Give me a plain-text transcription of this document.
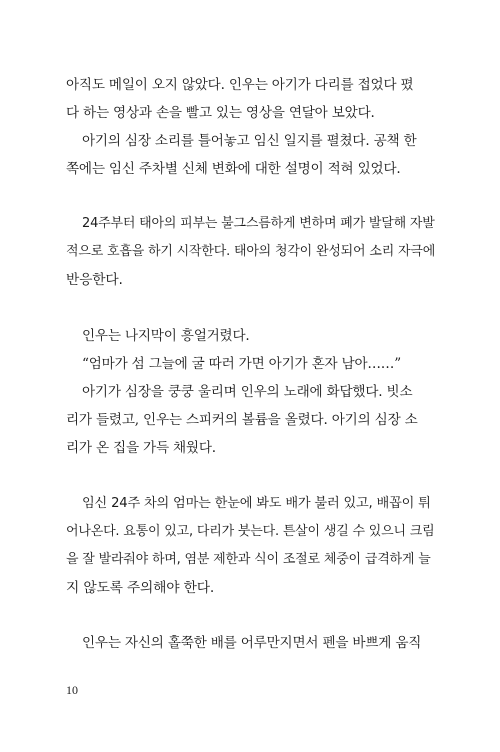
아직도 메일이 오지 않았다. 인우는 아기가 다리를 접었다 폈
다 하는 영상과 손을 빨고 있는 영상을 연달아 보았다.
아기의 심장 소리를 틀어놓고 임신 일지를 펼쳤다. 공책 한
쪽에는 임신 주차별 신체 변화에 대한 설명이 적혀 있었다.
24주부터 태아의 피부는 불그스름하게 변하며 폐가 발달해 자발
적으로 호흡을 하기 시작한다. 태아의 청각이 완성되어 소리 자극에
반응한다.
인우는 나지막이 흥얼거렸다.
“엄마가 섬 그늘에 굴 따러 가면 아기가 혼자 남아……”
아기가 심장을 쿵쿵 울리며 인우의 노래에 화답했다. 빗소
리가 들렸고, 인우는 스피커의 볼륨을 올렸다. 아기의 심장 소
리가 온 집을 가득 채웠다.
임신 24주 차의 엄마는 한눈에 봐도 배가 불러 있고, 배꼽이 튀
어나온다. 요통이 있고, 다리가 붓는다. 튼살이 생길 수 있으니 크림
을 잘 발라줘야 하며, 염분 제한과 식이 조절로 체중이 급격하게 늘
지 않도록 주의해야 한다.
인우는 자신의 홀쭉한 배를 어루만지면서 펜을 바쁘게 움직
10
